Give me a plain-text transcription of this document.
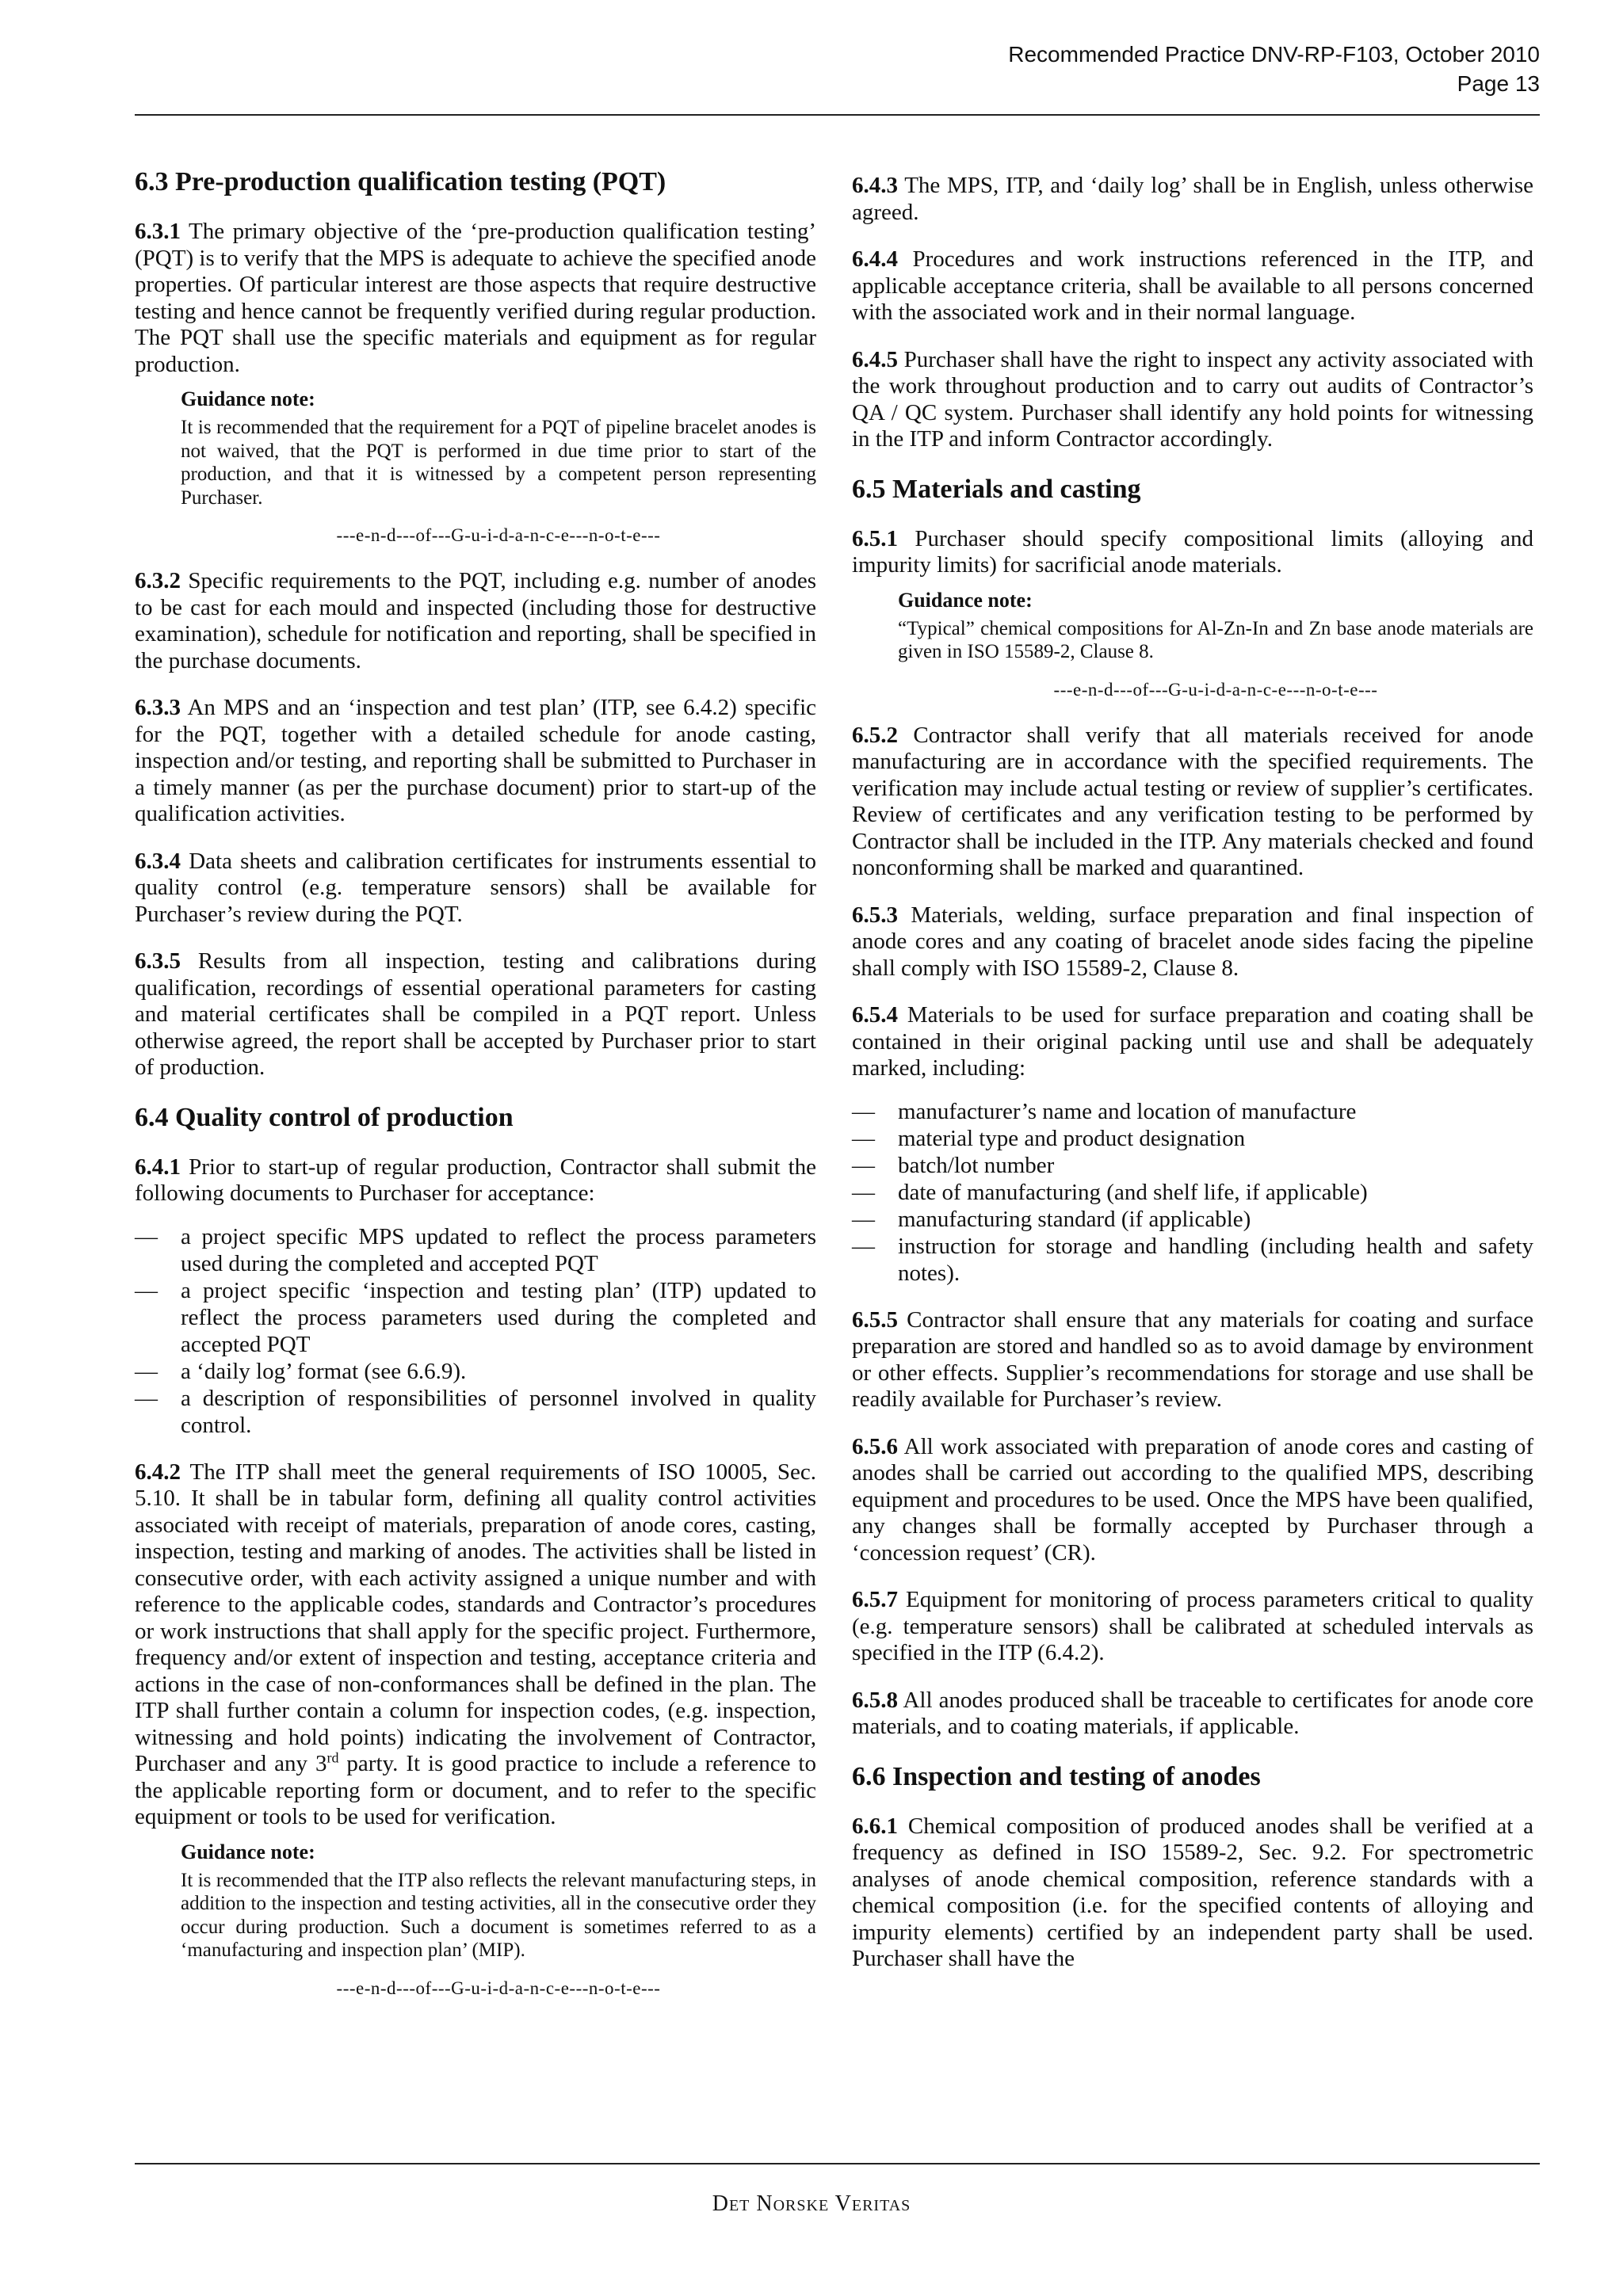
Recommended Practice DNV-RP-F103, October 2010
Page 13
6.3 Pre-production qualification testing (PQT)

6.3.1 The primary objective of the ‘pre-production qualification testing’ (PQT) is to verify that the MPS is adequate to achieve the specified anode properties. Of particular interest are those aspects that require destructive testing and hence cannot be frequently verified during regular production. The PQT shall use the specific materials and equipment as for regular production.

Guidance note:

It is recommended that the requirement for a PQT of pipeline bracelet anodes is not waived, that the PQT is performed in due time prior to start of the production, and that it is witnessed by a competent person representing Purchaser.

---e-n-d---of---G-u-i-d-a-n-c-e---n-o-t-e---

6.3.2 Specific requirements to the PQT, including e.g. number of anodes to be cast for each mould and inspected (including those for destructive examination), schedule for notification and reporting, shall be specified in the purchase documents.

6.3.3 An MPS and an ‘inspection and test plan’ (ITP, see 6.4.2) specific for the PQT, together with a detailed schedule for anode casting, inspection and/or testing, and reporting shall be submitted to Purchaser in a timely manner (as per the purchase document) prior to start-up of the qualification activities.

6.3.4 Data sheets and calibration certificates for instruments essential to quality control (e.g. temperature sensors) shall be available for Purchaser’s review during the PQT.

6.3.5 Results from all inspection, testing and calibrations during qualification, recordings of essential operational parameters for casting and material certificates shall be compiled in a PQT report. Unless otherwise agreed, the report shall be accepted by Purchaser prior to start of production.

6.4 Quality control of production

6.4.1 Prior to start-up of regular production, Contractor shall submit the following documents to Purchaser for acceptance:

— a project specific MPS updated to reflect the process parameters used during the completed and accepted PQT
— a project specific ‘inspection and testing plan’ (ITP) updated to reflect the process parameters used during the completed and accepted PQT
— a ‘daily log’ format (see 6.6.9).
— a description of responsibilities of personnel involved in quality control.

6.4.2 The ITP shall meet the general requirements of ISO 10005, Sec. 5.10. It shall be in tabular form, defining all quality control activities associated with receipt of materials, preparation of anode cores, casting, inspection, testing and marking of anodes. The activities shall be listed in consecutive order, with each activity assigned a unique number and with reference to the applicable codes, standards and Contractor’s procedures or work instructions that shall apply for the specific project. Furthermore, frequency and/or extent of inspection and testing, acceptance criteria and actions in the case of non-conformances shall be defined in the plan. The ITP shall further contain a column for inspection codes, (e.g. inspection, witnessing and hold points) indicating the involvement of Contractor, Purchaser and any 3rd party. It is good practice to include a reference to the applicable reporting form or document, and to refer to the specific equipment or tools to be used for verification.

Guidance note:

It is recommended that the ITP also reflects the relevant manufacturing steps, in addition to the inspection and testing activities, all in the consecutive order they occur during production. Such a document is sometimes referred to as a ‘manufacturing and inspection plan’ (MIP).

---e-n-d---of---G-u-i-d-a-n-c-e---n-o-t-e---

6.4.3 The MPS, ITP, and ‘daily log’ shall be in English, unless otherwise agreed.

6.4.4 Procedures and work instructions referenced in the ITP, and applicable acceptance criteria, shall be available to all persons concerned with the associated work and in their normal language.

6.4.5 Purchaser shall have the right to inspect any activity associated with the work throughout production and to carry out audits of Contractor’s QA / QC system. Purchaser shall identify any hold points for witnessing in the ITP and inform Contractor accordingly.

6.5 Materials and casting

6.5.1 Purchaser should specify compositional limits (alloying and impurity limits) for sacrificial anode materials.

Guidance note:

“Typical” chemical compositions for Al-Zn-In and Zn base anode materials are given in ISO 15589-2, Clause 8.

---e-n-d---of---G-u-i-d-a-n-c-e---n-o-t-e---

6.5.2 Contractor shall verify that all materials received for anode manufacturing are in accordance with the specified requirements. The verification may include actual testing or review of supplier’s certificates. Review of certificates and any verification testing to be performed by Contractor shall be included in the ITP. Any materials checked and found nonconforming shall be marked and quarantined.

6.5.3 Materials, welding, surface preparation and final inspection of anode cores and any coating of bracelet anode sides facing the pipeline shall comply with ISO 15589-2, Clause 8.

6.5.4 Materials to be used for surface preparation and coating shall be contained in their original packing until use and shall be adequately marked, including:

— manufacturer’s name and location of manufacture
— material type and product designation
— batch/lot number
— date of manufacturing (and shelf life, if applicable)
— manufacturing standard (if applicable)
— instruction for storage and handling (including health and safety notes).

6.5.5 Contractor shall ensure that any materials for coating and surface preparation are stored and handled so as to avoid damage by environment or other effects. Supplier’s recommendations for storage and use shall be readily available for Purchaser’s review.

6.5.6 All work associated with preparation of anode cores and casting of anodes shall be carried out according to the qualified MPS, describing equipment and procedures to be used. Once the MPS have been qualified, any changes shall be formally accepted by Purchaser through a ‘concession request’ (CR).

6.5.7 Equipment for monitoring of process parameters critical to quality (e.g. temperature sensors) shall be calibrated at scheduled intervals as specified in the ITP (6.4.2).

6.5.8 All anodes produced shall be traceable to certificates for anode core materials, and to coating materials, if applicable.

6.6 Inspection and testing of anodes

6.6.1 Chemical composition of produced anodes shall be verified at a frequency as defined in ISO 15589-2, Sec. 9.2. For spectrometric analyses of anode chemical composition, reference standards with a chemical composition (i.e. for the specified contents of alloying and impurity elements) certified by an independent party shall be used. Purchaser shall have the

Det Norske Veritas
